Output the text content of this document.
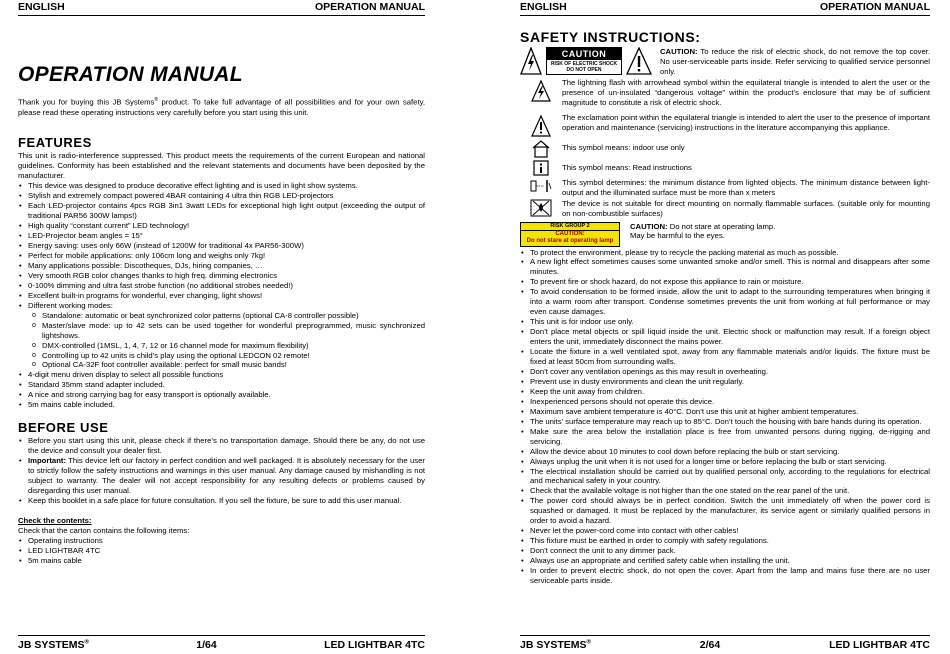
ENGLISH	OPERATION MANUAL
OPERATION MANUAL

Thank you for buying this JB Systems® product. To take full advantage of all possibilities and for your own safety, please read these operating instructions very carefully before you start using this unit.

FEATURES

This unit is radio-interference suppressed. This product meets the requirements of the current European and national guidelines. Conformity has been established and the relevant statements and documents have been deposited by the manufacturer.

• This device was designed to produce decorative effect lighting and is used in light show systems.
• Stylish and extremely compact powered 4BAR containing 4 ultra thin RGB LED-projectors
• Each LED-projector contains 4pcs RGB 3in1 3watt LEDs for exceptional high light output (exceeding the output of traditional PAR56 300W lamps!)
• High quality “constant current” LED technology!
• LED-Projector beam angles = 15°
• Energy saving: uses only 66W (instead of 1200W for traditional 4x PAR56-300W)
• Perfect for mobile applications: only 106cm long and weighs only 7kg!
• Many applications possible: Discotheques, DJs, hiring companies, …
• Very smooth RGB color changes thanks to high freq. dimming electronics
• 0-100% dimming and ultra fast strobe function (no additional strobes needed!)
• Excellent built-in programs for wonderful, ever changing, light shows!
• Different working modes:
o Standalone: automatic or beat synchronized color patterns (optional CA-8 controller possible)
o Master/slave mode: up to 42 sets can be used together for wonderful preprogrammed, music synchronized lightshows.
o DMX-controlled (1MSL, 1, 4, 7, 12 or 16 channel mode for maximum flexibility)
o Controlling up to 42 units is child’s play using the optional LEDCON 02 remote!
o Optional CA-32F foot controller available: perfect for small music bands!
• 4-digit menu driven display to select all possible functions
• Standard 35mm stand adapter included.
• A nice and strong carrying bag for easy transport is optionally available.
• 5m mains cable included.
BEFORE USE
• Before you start using this unit, please check if there’s no transportation damage. Should there be any, do not use the device and consult your dealer first.
• Important: This device left our factory in perfect condition and well packaged. It is absolutely necessary for the user to strictly follow the safety instructions and warnings in this user manual. Any damage caused by mishandling is not subject to warranty. The dealer will not accept responsibility for any resulting defects or problems caused by disregarding this user manual.
• Keep this booklet in a safe place for future consultation. If you sell the fixture, be sure to add this user manual.
Check the contents:

Check that the carton contains the following items:

• Operating instructions
• LED LIGHTBAR 4TC
• 5m mains cable
JB SYSTEMS®	1/64	LED LIGHTBAR 4TC
ENGLISH	OPERATION MANUAL
SAFETY INSTRUCTIONS:
CAUTION
RISK OF ELECTRIC SHOCK
DO NOT OPEN
CAUTION: To reduce the risk of electric shock, do not remove the top cover. No user-serviceable parts inside. Refer servicing to qualified service personnel only.
The lightning flash with arrowhead symbol within the equilateral triangle is intended to alert the user or the presence of un-insulated “dangerous voltage” within the product’s enclosure that may be of sufficient magnitude to constitute a risk of electric shock.
The exclamation point within the equilateral triangle is intended to alert the user to the presence of important operation and maintenance (servicing) instructions in the literature accompanying this appliance.
This symbol means: indoor use only
This symbol means: Read instructions
This symbol determines: the minimum distance from lighted objects. The minimum distance between light-output and the illuminated surface must be more than x meters
The device is not suitable for direct mounting on normally flammable surfaces. (suitable only for mounting on non-combustible surfaces)
RISK GROUP 2
CAUTION:
Do not stare at operating lamp
CAUTION: Do not stare at operating lamp.
May be harmful to the eyes.
• To protect the environment, please try to recycle the packing material as much as possible.
• A new light effect sometimes causes some unwanted smoke and/or smell. This is normal and disappears after some minutes.
• To prevent fire or shock hazard, do not expose this appliance to rain or moisture.
• To avoid condensation to be formed inside, allow the unit to adapt to the surrounding temperatures when bringing it into a warm room after transport. Condense sometimes prevents the unit from working at full performance or may even cause damages.
• This unit is for indoor use only.
• Don’t place metal objects or spill liquid inside the unit. Electric shock or malfunction may result. If a foreign object enters the unit, immediately disconnect the mains power.
• Locate the fixture in a well ventilated spot, away from any flammable materials and/or liquids. The fixture must be fixed at least 50cm from surrounding walls.
• Don’t cover any ventilation openings as this may result in overheating.
• Prevent use in dusty environments and clean the unit regularly.
• Keep the unit away from children.
• Inexperienced persons should not operate this device.
• Maximum save ambient temperature is 40°C. Don’t use this unit at higher ambient temperatures.
• The units’ surface temperature may reach up to 85°C. Don’t touch the housing with bare hands during its operation.
• Make sure the area below the installation place is free from unwanted persons during rigging, de-rigging and servicing.
• Allow the device about 10 minutes to cool down before replacing the bulb or start servicing.
• Always unplug the unit when it is not used for a longer time or before replacing the bulb or start servicing.
• The electrical installation should be carried out by qualified personal only, according to the regulations for electrical and mechanical safety in your country.
• Check that the available voltage is not higher than the one stated on the rear panel of the unit.
• The power cord should always be in perfect condition. Switch the unit immediately off when the power cord is squashed or damaged. It must be replaced by the manufacturer, its service agent or similarly qualified persons in order to avoid a hazard.
• Never let the power-cord come into contact with other cables!
• This fixture must be earthed in order to comply with safety regulations.
• Don’t connect the unit to any dimmer pack.
• Always use an appropriate and certified safety cable when installing the unit.
• In order to prevent electric shock, do not open the cover. Apart from the lamp and mains fuse there are no user serviceable parts inside.
JB SYSTEMS®	2/64	LED LIGHTBAR 4TC
